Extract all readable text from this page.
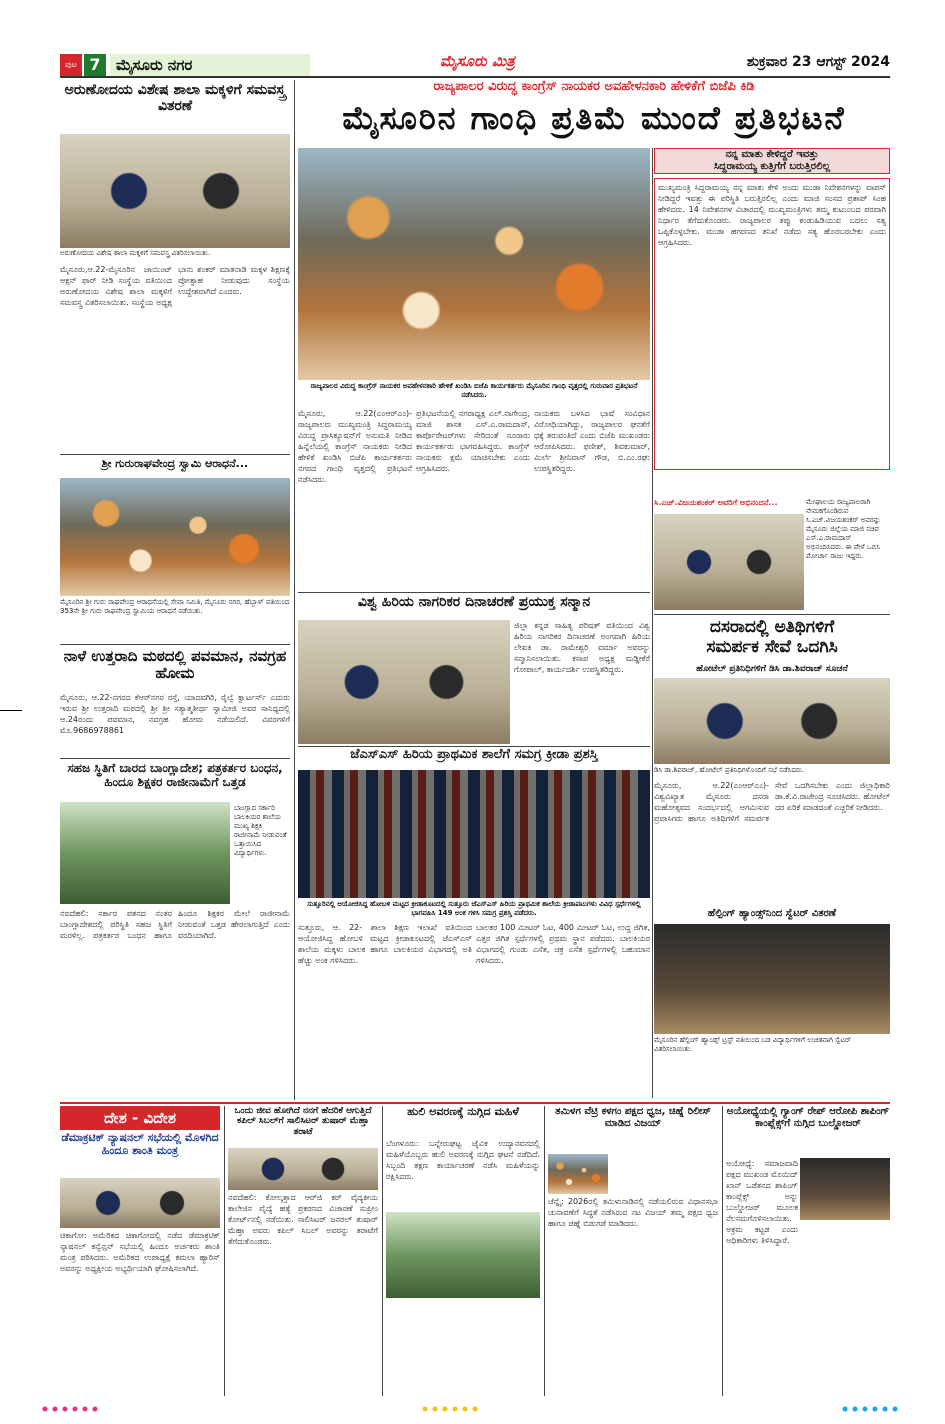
ಪುಟ 7	ಮೈಸೂರು ನಗರ	ಮೈಸೂರು ಮಿತ್ರ	ಶುಕ್ರವಾರ 23 ಆಗಸ್ಟ್ 2024
ಅರುಣೋದಯ ವಿಶೇಷ ಶಾಲಾ ಮಕ್ಕಳಿಗೆ ಸಮವಸ್ತ್ರ ವಿತರಣೆ
ಅರುಣೋದಯ ವಿಶೇಷ ಶಾಲಾ ಮಕ್ಕಳಿಗೆ ಸಮವಸ್ತ್ರ ವಿತರಿಸಲಾಯಿತು.
ಮೈಸೂರು,ಆ.22-ಮೈಸೂರಿನ ಜಾಯಿಂಟ್ ಆಕ್ಷನ್ ಫಾರ್ ನೀಡಿ ಸಂಸ್ಥೆಯ ವತಿಯಿಂದ ಅರುಣೋದಯ ವಿಶೇಷ ಶಾಲಾ ಮಕ್ಕಳಿಗೆ ಸಮವಸ್ತ್ರ ವಿತರಿಸಲಾಯಿತು. ಸಂಸ್ಥೆಯ ಅಧ್ಯಕ್ಷ ಭಾನು ಶಂಕರ್ ಮಾತನಾಡಿ ಮಕ್ಕಳ ಶಿಕ್ಷಣಕ್ಕೆ ಪ್ರೋತ್ಸಾಹ ನೀಡುವುದು ಸಂಸ್ಥೆಯ ಉದ್ದೇಶವಾಗಿದೆ ಎಂದರು.
ಶ್ರೀ ಗುರುರಾಘವೇಂದ್ರ ಸ್ವಾಮಿ ಆರಾಧನೆ...
ಮೈಸೂರಿನ ಶ್ರೀ ಗುರು ರಾಘವೇಂದ್ರ ಆರಾಧನೆಯಲ್ಲಿ ಸೇವಾ ಸಮಿತಿ, ಮೈಸೂರು ನಗರ, ಹೆಬ್ಬಾಳ್ ವತಿಯಿಂದ 353ನೇ ಶ್ರೀ ಗುರು ರಾಘವೇಂದ್ರ ಸ್ವಾಮಿಯ ಆರಾಧನೆ ನಡೆಯಿತು.
ನಾಳೆ ಉತ್ತರಾದಿ ಮಠದಲ್ಲಿ ಪವಮಾನ, ನವಗ್ರಹ ಹೋಮ
ಮೈಸೂರು, ಆ.22-ನಗರದ ಕೆಆರ್‌ನಗರ ರಸ್ತೆ, ಯಾದವಗಿರಿ, ರೈಲ್ವೆ ಕ್ವಾರ್ಟರ್ಸ್ ಎದುರು ಇರುವ ಶ್ರೀ ಉತ್ತರಾದಿ ಮಠದಲ್ಲಿ ಶ್ರೀ ಶ್ರೀ ಸತ್ಯಾತ್ಮತೀರ್ಥ ಸ್ವಾಮೀಜಿ ಅವರ ಸಾನಿಧ್ಯದಲ್ಲಿ ಆ.24ರಂದು ಪವಮಾನ, ನವಗ್ರಹ ಹೋಮ ನಡೆಯಲಿದೆ. ವಿವರಗಳಿಗೆ ಮೊ.9686978861
ಸಹಜ ಸ್ಥಿತಿಗೆ ಬಾರದ ಬಾಂಗ್ಲಾದೇಶ; ಪತ್ರಕರ್ತರ ಬಂಧನ, ಹಿಂದೂ ಶಿಕ್ಷಕರ ರಾಜೀನಾಮೆಗೆ ಒತ್ತಡ
ಬಾಂಗ್ಲಾದ ಸರ್ಕಾರಿ ಬಾಲಕಿಯರ ಶಾಲೆಯ ಮುಖ್ಯ ಶಿಕ್ಷಕಿ ರಾಜೀನಾಮೆ ನೀಡುವಂತೆ ಒತ್ತಾಯಿಸಿದ ವಿದ್ಯಾರ್ಥಿಗಳು.
ನವದೆಹಲಿ: ಸರ್ಕಾರ ಪತನದ ನಂತರ ಬಾಂಗ್ಲಾದೇಶದಲ್ಲಿ ಪರಿಸ್ಥಿತಿ ಸಹಜ ಸ್ಥಿತಿಗೆ ಮರಳಿಲ್ಲ. ಪತ್ರಕರ್ತರ ಬಂಧನ ಹಾಗೂ ಹಿಂದೂ ಶಿಕ್ಷಕರ ಮೇಲೆ ರಾಜೀನಾಮೆ ನೀಡುವಂತೆ ಒತ್ತಡ ಹೇರಲಾಗುತ್ತಿದೆ ಎಂದು ವರದಿಯಾಗಿದೆ.
ರಾಜ್ಯಪಾಲರ ವಿರುದ್ಧ ಕಾಂಗ್ರೆಸ್ ನಾಯಕರ ಅವಹೇಳನಕಾರಿ ಹೇಳಿಕೆಗೆ ಬಿಜೆಪಿ ಕಿಡಿ
ಮೈಸೂರಿನ ಗಾಂಧಿ ಪ್ರತಿಮೆ ಮುಂದೆ ಪ್ರತಿಭಟನೆ
ರಾಜ್ಯಪಾಲರ ವಿರುದ್ಧ ಕಾಂಗ್ರೆಸ್ ನಾಯಕರ ಅವಹೇಳನಕಾರಿ ಹೇಳಿಕೆ ಖಂಡಿಸಿ ಬಿಜೆಪಿ ಕಾರ್ಯಕರ್ತರು ಮೈಸೂರಿನ ಗಾಂಧಿ ವೃತ್ತದಲ್ಲಿ ಗುರುವಾರ ಪ್ರತಿಭಟನೆ ನಡೆಸಿದರು.
ಮೈಸೂರು, ಆ.22(ಎಂಆರ್‌ಎಂ)- ರಾಜ್ಯಪಾಲರು ಮುಖ್ಯಮಂತ್ರಿ ಸಿದ್ದರಾಮಯ್ಯ ವಿರುದ್ಧ ಪ್ರಾಸಿಕ್ಯೂಷನ್‌ಗೆ ಅನುಮತಿ ನೀಡಿದ ಹಿನ್ನೆಲೆಯಲ್ಲಿ ಕಾಂಗ್ರೆಸ್ ನಾಯಕರು ನೀಡಿದ ಹೇಳಿಕೆ ಖಂಡಿಸಿ ಬಿಜೆಪಿ ಕಾರ್ಯಕರ್ತರು ನಗರದ ಗಾಂಧಿ ವೃತ್ತದಲ್ಲಿ ಪ್ರತಿಭಟನೆ ನಡೆಸಿದರು.
ಪ್ರತಿಭಟನೆಯಲ್ಲಿ ನಗರಾಧ್ಯಕ್ಷ ಎಲ್.ನಾಗೇಂದ್ರ, ಮಾಜಿ ಶಾಸಕ ಎಸ್.ಎ.ರಾಮದಾಸ್, ಕಾರ್ಪೊರೇಟರ್‌ಗಳು ಸೇರಿದಂತೆ ನೂರಾರು ಕಾರ್ಯಕರ್ತರು ಭಾಗವಹಿಸಿದ್ದರು. ಕಾಂಗ್ರೆಸ್ ನಾಯಕರು ಕ್ಷಮೆ ಯಾಚಿಸಬೇಕು ಎಂದು ಆಗ್ರಹಿಸಿದರು.
ನಾಯಕರು ಬಳಸಿದ ಭಾಷೆ ಸಂವಿಧಾನ ವಿರೋಧಿಯಾಗಿದ್ದು, ರಾಜ್ಯಪಾಲರ ಘನತೆಗೆ ಧಕ್ಕೆ ತರುವಂತಿದೆ ಎಂದು ಬಿಜೆಪಿ ಮುಖಂಡರು ಆರೋಪಿಸಿದರು. ಫಣೀಶ್, ಶಿವಕುಮಾರ್, ಮಿರ್ಲೆ ಶ್ರೀನಿವಾಸ್ ಗೌಡ, ಬಿ.ಎಂ.ರಘು ಉಪಸ್ಥಿತರಿದ್ದರು.
ನನ್ನ ಮಾತು ಕೇಳಿದ್ದರೆ ಇವತ್ತು
ಸಿದ್ದರಾಮಯ್ಯ ಕುತ್ತಿಗೆಗೆ ಬರುತ್ತಿರಲಿಲ್ಲ
ಮುಖ್ಯಮಂತ್ರಿ ಸಿದ್ದರಾಮಯ್ಯ ನನ್ನ ಮಾತು ಕೇಳಿ ಅಂದು ಮುಡಾ ನಿವೇಶನಗಳನ್ನು ವಾಪಸ್ ನೀಡಿದ್ದರೆ ಇವತ್ತು ಈ ಪರಿಸ್ಥಿತಿ ಬರುತ್ತಿರಲಿಲ್ಲ ಎಂದು ಮಾಜಿ ಸಂಸದ ಪ್ರತಾಪ್ ಸಿಂಹ ಹೇಳಿದರು. 14 ನಿವೇಶನಗಳ ವಿಚಾರದಲ್ಲಿ ಮುಖ್ಯಮಂತ್ರಿಗಳು ತಮ್ಮ ಕುಟುಂಬದ ಪರವಾಗಿ ನಿರ್ಧಾರ ತೆಗೆದುಕೊಂಡರು. ರಾಜ್ಯಪಾಲರ ತಪ್ಪು ಕಂಡುಹಿಡಿಯುವ ಬದಲು ಸತ್ಯ ಒಪ್ಪಿಕೊಳ್ಳಬೇಕು. ಮುಡಾ ಹಗರಣದ ತನಿಖೆ ನಡೆದು ಸತ್ಯ ಹೊರಬರಬೇಕು ಎಂದು ಆಗ್ರಹಿಸಿದರು.
ಸಿ.ಎಚ್.ವಿಜಯಶಂಕರ್ ಅವರಿಗೆ ಅಭಿನಂದನೆ...	ಮೇಘಾಲಯ ರಾಜ್ಯಪಾಲರಾಗಿ ನೇಮಕಗೊಂಡಿರುವ ಸಿ.ಎಚ್.ವಿಜಯಶಂಕರ್ ಅವರನ್ನು ಮೈಸೂರು ಜಿಲ್ಲೆಯ ಮಾಜಿ ಸಚಿವ ಎಸ್.ಎ.ರಾಮದಾಸ್ ಅಭಿನಂದಿಸಿದರು. ಈ ವೇಳೆ ಒಬಿಸಿ ಮೋರ್ಚಾ ರಾಜು ಇದ್ದರು.
ವಿಶ್ವ ಹಿರಿಯ ನಾಗರಿಕರ ದಿನಾಚರಣೆ ಪ್ರಯುಕ್ತ ಸನ್ಮಾನ
ಜಿಲ್ಲಾ ಕನ್ನಡ ಸಾಹಿತ್ಯ ಪರಿಷತ್ ವತಿಯಿಂದ ವಿಶ್ವ ಹಿರಿಯ ನಾಗರಿಕರ ದಿನಾಚರಣೆ ಅಂಗವಾಗಿ ಹಿರಿಯ ಲೇಖಕಿ ಡಾ. ರಾಮೇಶ್ವರಿ ವರ್ಮಾ ಅವರನ್ನು ಸನ್ಮಾನಿಸಲಾಯಿತು. ಕಸಾಪ ಅಧ್ಯಕ್ಷ ಮಡ್ಡೀಕೆರೆ ಗೋಪಾಲ್, ಕಾರ್ಯದರ್ಶಿ ಉಪಸ್ಥಿತರಿದ್ದರು.
ಜೆಎಸ್‌ಎಸ್ ಹಿರಿಯ ಪ್ರಾಥಮಿಕ ಶಾಲೆಗೆ ಸಮಗ್ರ ಕ್ರೀಡಾ ಪ್ರಶಸ್ತಿ
ಸುತ್ತೂರಿನಲ್ಲಿ ಆಯೋಜಿಸಿದ್ದ ಹೋಬಳಿ ಮಟ್ಟದ ಕ್ರೀಡಾಕೂಟದಲ್ಲಿ ಸುತ್ತೂರು ಜೆಎಸ್‌ಎಸ್ ಹಿರಿಯ ಪ್ರಾಥಮಿಕ ಶಾಲೆಯ ಕ್ರೀಡಾಪಟುಗಳು ವಿವಿಧ ಸ್ಪರ್ಧೆಗಳಲ್ಲಿ ಭಾಗವಹಿಸಿ 149 ಅಂಕ ಗಳಿಸಿ ಸಮಗ್ರ ಪ್ರಶಸ್ತಿ ಪಡೆದರು.
ಸುತ್ತೂರು, ಆ. 22- ಶಾಲಾ ಶಿಕ್ಷಣ ಇಲಾಖೆ ವತಿಯಿಂದ ಆಯೋಜಿಸಿದ್ದ ಹೋಬಳಿ ಮಟ್ಟದ ಕ್ರೀಡಾಕೂಟದಲ್ಲಿ ಜೆಎಸ್‌ಎಸ್ ಶಾಲೆಯ ಮಕ್ಕಳು ಬಾಲಕ ಹಾಗೂ ಬಾಲಕಿಯರ ವಿಭಾಗದಲ್ಲಿ ಅತಿ ಹೆಚ್ಚು ಅಂಕ ಗಳಿಸಿದರು.
ಬಾಲಕರ 100 ಮೀಟರ್ ಓಟ, 400 ಮೀಟರ್ ಓಟ, ಉದ್ದ ಜಿಗಿತ, ಎತ್ತರ ಜಿಗಿತ ಸ್ಪರ್ಧೆಗಳಲ್ಲಿ ಪ್ರಥಮ ಸ್ಥಾನ ಪಡೆದರು. ಬಾಲಕಿಯರ ವಿಭಾಗದಲ್ಲಿ ಗುಂಡು ಎಸೆತ, ಚಕ್ರ ಎಸೆತ ಸ್ಪರ್ಧೆಗಳಲ್ಲಿ ಬಹುಮಾನ ಗಳಿಸಿದರು.
ದಸರಾದಲ್ಲಿ ಅತಿಥಿಗಳಿಗೆ
ಸಮರ್ಪಕ ಸೇವೆ ಒದಗಿಸಿ
ಹೋಟೆಲ್ ಪ್ರತಿನಿಧಿಗಳಿಗೆ ಡಿಸಿ ಡಾ.ಶಿವರಾಜ್ ಸೂಚನೆ
ಡಿಸಿ ಡಾ.ಶಿವರಾಜ್, ಹೋಟೆಲ್ ಪ್ರತಿನಿಧಿಗಳೊಂದಿಗೆ ಸಭೆ ನಡೆಸಿದರು.
ಮೈಸೂರು, ಆ.22(ಎಂಆರ್‌ಎಂ)- ವಿಶ್ವವಿಖ್ಯಾತ ಮೈಸೂರು ದಸರಾ ಮಹೋತ್ಸವದ ಸಂದರ್ಭದಲ್ಲಿ ಆಗಮಿಸುವ ಪ್ರವಾಸಿಗರು ಹಾಗೂ ಅತಿಥಿಗಳಿಗೆ ಸಮರ್ಪಕ ಸೇವೆ ಒದಗಿಸಬೇಕು ಎಂದು ಜಿಲ್ಲಾಧಿಕಾರಿ ಡಾ.ಕೆ.ವಿ.ರಾಜೇಂದ್ರ ಸೂಚಿಸಿದರು. ಹೋಟೆಲ್ ದರ ಏರಿಕೆ ಮಾಡದಂತೆ ಎಚ್ಚರಿಕೆ ನೀಡಿದರು.
ಹೆಲ್ಪಿಂಗ್ ಹ್ಯಾಂಡ್ಸ್‌ನಿಂದ ಸ್ವೆಟರ್ ವಿತರಣೆ
ಮೈಸೂರಿನ ಹೆಲ್ಪಿಂಗ್ ಹ್ಯಾಂಡ್ಸ್ ಟ್ರಸ್ಟ್ ವತಿಯಿಂದ ಬಡ ವಿದ್ಯಾರ್ಥಿಗಳಿಗೆ ಉಚಿತವಾಗಿ ಸ್ವೆಟರ್ ವಿತರಿಸಲಾಯಿತು.
ದೇಶ - ವಿದೇಶ
ಡೆಮಾಕ್ರಟಿಕ್ ನ್ಯಾಷನಲ್ ಸಭೆಯಲ್ಲಿ ಮೊಳಗಿದ ಹಿಂದೂ ಶಾಂತಿ ಮಂತ್ರ
ಚಿಕಾಗೋ: ಅಮೆರಿಕದ ಚಿಕಾಗೋದಲ್ಲಿ ನಡೆದ ಡೆಮಾಕ್ರಟಿಕ್ ನ್ಯಾಷನಲ್ ಕನ್ವೆನ್ಷನ್ ಸಭೆಯಲ್ಲಿ ಹಿಂದೂ ಅರ್ಚಕರು ಶಾಂತಿ ಮಂತ್ರ ಪಠಿಸಿದರು. ಅಮೆರಿಕದ ಉಪಾಧ್ಯಕ್ಷೆ ಕಮಲಾ ಹ್ಯಾರಿಸ್ ಅವರನ್ನು ಅಧ್ಯಕ್ಷೀಯ ಅಭ್ಯರ್ಥಿಯಾಗಿ ಘೋಷಿಸಲಾಗಿದೆ.
ಒಂದು ಜೀವ ಹೋಗಿದೆ ನನಗೆ ಹೆದರಿಕೆ ಆಗುತ್ತಿದೆ ಕಪಿಲ್ ಸಿಬಲ್‌ಗೆ ಸಾಲಿಸಿಟರ್ ತುಷಾರ್ ಮೆಹ್ತಾ ತರಾಟೆ
ನವದೆಹಲಿ: ಕೋಲ್ಕತ್ತಾದ ಆರ್‌ಜಿ ಕರ್ ವೈದ್ಯಕೀಯ ಕಾಲೇಜಿನ ವೈದ್ಯೆ ಹತ್ಯೆ ಪ್ರಕರಣದ ವಿಚಾರಣೆ ಸುಪ್ರೀಂ ಕೋರ್ಟ್‌ನಲ್ಲಿ ನಡೆಯಿತು. ಸಾಲಿಸಿಟರ್ ಜನರಲ್ ತುಷಾರ್ ಮೆಹ್ತಾ ಅವರು ಕಪಿಲ್ ಸಿಬಲ್ ಅವರನ್ನು ತರಾಟೆಗೆ ತೆಗೆದುಕೊಂಡರು.
ಹುಲಿ ಅವರಣಕ್ಕೆ ನುಗ್ಗಿದ ಮಹಿಳೆ
ಬೆಂಗಳೂರು: ಬನ್ನೇರುಘಟ್ಟ ಜೈವಿಕ ಉದ್ಯಾನವನದಲ್ಲಿ ಮಹಿಳೆಯೊಬ್ಬರು ಹುಲಿ ಅವರಣಕ್ಕೆ ನುಗ್ಗಿದ ಘಟನೆ ನಡೆದಿದೆ. ಸಿಬ್ಬಂದಿ ತಕ್ಷಣ ಕಾರ್ಯಾಚರಣೆ ನಡೆಸಿ ಮಹಿಳೆಯನ್ನು ರಕ್ಷಿಸಿದರು.
ತಮಿಳಗ ವೆಟ್ರಿ ಕಳಗಂ ಪಕ್ಷದ ಧ್ವಜ, ಚಿಹ್ನೆ ರಿಲೀಸ್ ಮಾಡಿದ ವಿಜಯ್
ಚೆನ್ನೈ: 2026ರಲ್ಲಿ ತಮಿಳುನಾಡಿನಲ್ಲಿ ನಡೆಯಲಿರುವ ವಿಧಾನಸಭಾ ಚುನಾವಣೆಗೆ ಸಿದ್ಧತೆ ನಡೆಸಿರುವ ನಟ ವಿಜಯ್ ತಮ್ಮ ಪಕ್ಷದ ಧ್ವಜ ಹಾಗೂ ಚಿಹ್ನೆ ಬಿಡುಗಡೆ ಮಾಡಿದರು.
ಅಯೋಧ್ಯೆಯಲ್ಲಿ ಗ್ಯಾಂಗ್ ರೇಪ್ ಆರೋಪಿ ಶಾಪಿಂಗ್ ಕಾಂಪ್ಲೆಕ್ಸ್‌ಗೆ ನುಗ್ಗಿದ ಬುಲ್ಡೋಜರ್
ಅಯೋಧ್ಯೆ: ಸಮಾಜವಾದಿ ಪಕ್ಷದ ಮುಖಂಡ ಮೊಯಿದ್ ಖಾನ್ ಒಡೆತನದ ಶಾಪಿಂಗ್ ಕಾಂಪ್ಲೆಕ್ಸ್ ಅನ್ನು ಬುಲ್ಡೋಜರ್ ಮೂಲಕ ನೆಲಸಮಗೊಳಿಸಲಾಯಿತು. ಅಕ್ರಮ ಕಟ್ಟಡ ಎಂದು ಅಧಿಕಾರಿಗಳು ತಿಳಿಸಿದ್ದಾರೆ.
